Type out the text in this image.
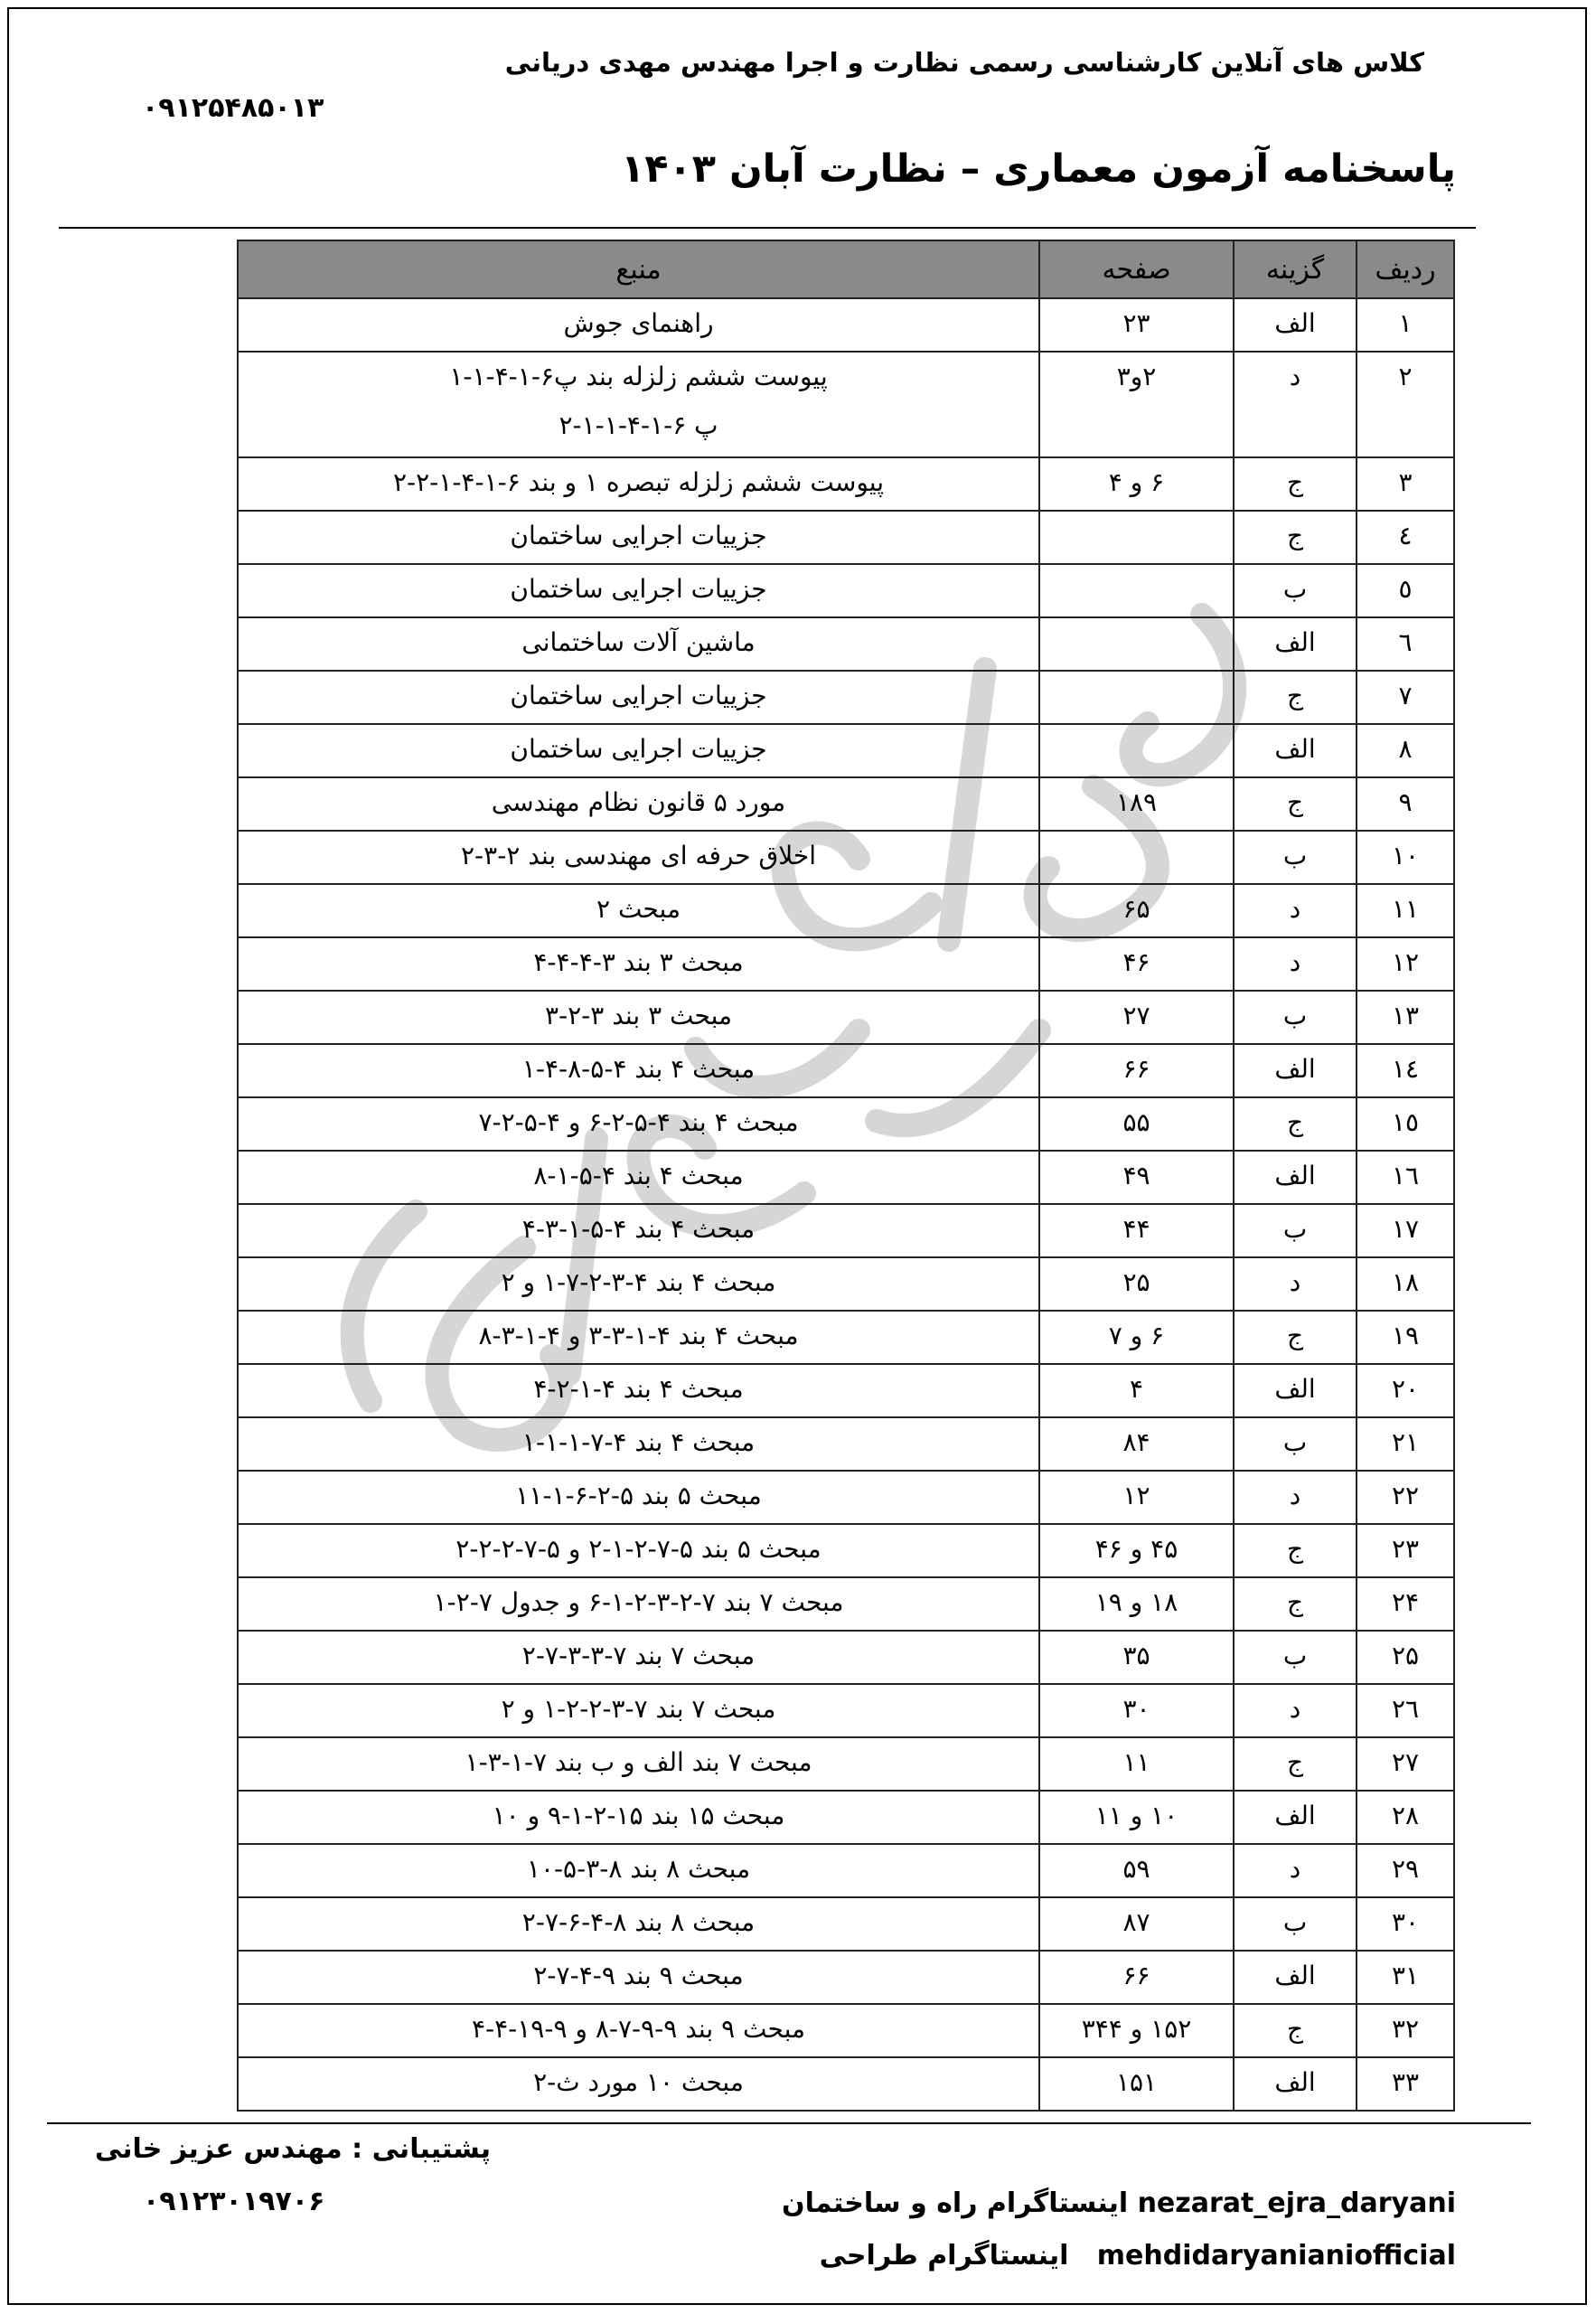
کلاس های آنلاین کارشناسی رسمی نظارت و اجرا مهندس مهدی دریانی
۰۹۱۲۵۴۸۵۰۱۳
پاسخنامه آزمون معماری – نظارت آبان ۱۴۰۳
ردیف	گزینه	صفحه	منبع
۱	الف	۲۳	راهنمای جوش
۲	د	۲و۳	پیوست ششم زلزله بند پ۶-۱-۴-۱-۱
پ ۶-۱-۴-۱-۱-۲
۳	ج	۶ و ۴	پیوست ششم زلزله تبصره ۱ و بند ۶-۱-۴-۱-۲-۲
٤	ج		جزییات اجرایی ساختمان
٥	ب		جزییات اجرایی ساختمان
٦	الف		ماشین آلات ساختمانی
۷	ج		جزییات اجرایی ساختمان
۸	الف		جزییات اجرایی ساختمان
۹	ج	۱۸۹	مورد ۵ قانون نظام مهندسی
۱۰	ب		اخلاق حرفه ای مهندسی بند ۲-۳-۲
۱۱	د	۶۵	مبحث ۲
۱۲	د	۴۶	مبحث ۳ بند ۳-۴-۴-۴
۱۳	ب	۲۷	مبحث ۳ بند ۳-۲-۳
١٤	الف	۶۶	مبحث ۴ بند ۴-۵-۸-۴-۱
١٥	ج	۵۵	مبحث ۴ بند ۴-۵-۲-۶ و ۴-۵-۲-۷
١٦	الف	۴۹	مبحث ۴ بند ۴-۵-۱-۸
۱۷	ب	۴۴	مبحث ۴ بند ۴-۵-۱-۳-۴
۱۸	د	۲۵	مبحث ۴ بند ۴-۳-۲-۷-۱ و ۲
۱۹	ج	۶ و ۷	مبحث ۴ بند ۴-۱-۳-۳ و ۴-۱-۳-۸
۲۰	الف	۴	مبحث ۴ بند ۴-۱-۲-۴
۲۱	ب	۸۴	مبحث ۴ بند ۴-۷-۱-۱-۱
۲۲	د	۱۲	مبحث ۵ بند ۵-۲-۶-۱-۱۱
۲۳	ج	۴۵ و ۴۶	مبحث ۵ بند ۵-۷-۲-۱-۲ و ۵-۷-۲-۲-۲
۲۴	ج	۱۸ و ۱۹	مبحث ۷ بند ۷-۲-۳-۲-۱-۶ و جدول ۷-۲-۱
۲۵	ب	۳۵	مبحث ۷ بند ۷-۳-۳-۷-۲
۲٦	د	۳۰	مبحث ۷ بند ۷-۳-۲-۲-۱ و ۲
۲۷	ج	۱۱	مبحث ۷ بند الف و ب بند ۷-۱-۳-۱
۲۸	الف	۱۰ و ۱۱	مبحث ۱۵ بند ۱۵-۲-۱-۹ و ۱۰
۲۹	د	۵۹	مبحث ۸ بند ۸-۳-۵-۱۰
۳۰	ب	۸۷	مبحث ۸ بند ۸-۴-۶-۷-۲
۳۱	الف	۶۶	مبحث ۹ بند ۹-۴-۷-۲
۳۲	ج	۱۵۲ و ۳۴۴	مبحث ۹ بند ۹-۹-۷-۸ و ۹-۱۹-۴-۴
۳۳	الف	۱۵۱	مبحث ۱۰ مورد ث-۲
پشتیبانی : مهندس عزیز خانی
۰۹۱۲۳۰۱۹۷۰۶	nezarat_ejra_daryani اینستاگرام راه و ساختمان
mehdidaryanianiofficial   اینستاگرام طراحی
